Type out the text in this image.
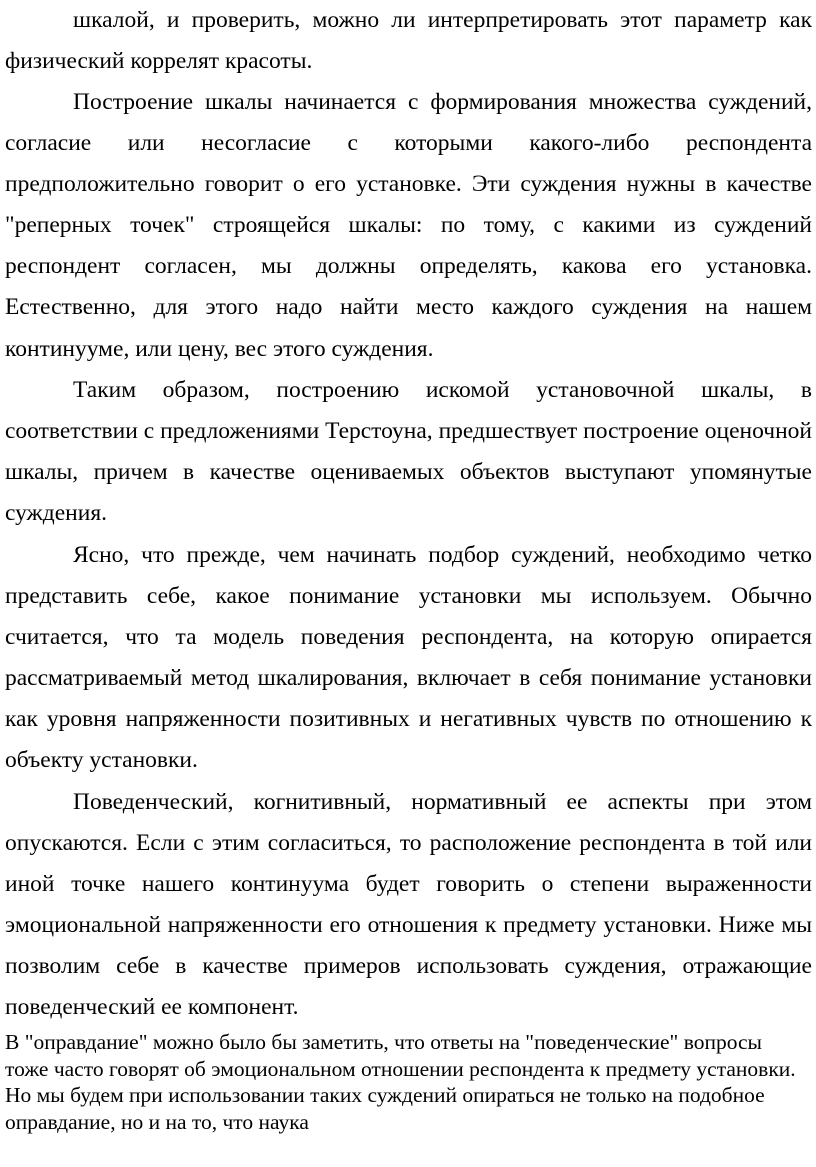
шкалой, и проверить, можно ли интерпретировать этот параметр как физический коррелят красоты.

Построение шкалы начинается с формирования множества суждений, согласие или несогласие с которыми какого-либо респондента предположительно говорит о его установке. Эти суждения нужны в качестве "реперных точек" строящейся шкалы: по тому, с какими из суждений респондент согласен, мы должны определять, какова его установка. Естественно, для этого надо найти место каждого суждения на нашем континууме, или цену, вес этого суждения.

Таким образом, построению искомой установочной шкалы, в соответствии с предложениями Терстоуна, предшествует построение оценочной шкалы, причем в качестве оцениваемых объектов выступают упомянутые суждения.

Ясно, что прежде, чем начинать подбор суждений, необходимо четко представить себе, какое понимание установки мы используем. Обычно считается, что та модель поведения респондента, на которую опирается рассматриваемый метод шкалирования, включает в себя понимание установки как уровня напряженности позитивных и негативных чувств по отношению к объекту установки.

Поведенческий, когнитивный, нормативный ее аспекты при этом опускаются. Если с этим согласиться, то расположение респондента в той или иной точке нашего континуума будет говорить о степени выраженности эмоциональной напряженности его отношения к предмету установки. Ниже мы позволим себе в качестве примеров использовать суждения, отражающие поведенческий ее компонент.

В "оправдание" можно было бы заметить, что ответы на "поведенческие" вопросы тоже часто говорят об эмоциональном отношении респондента к предмету установки. Но мы будем при использовании таких суждений опираться не только на подобное оправдание, но и на то, что наука
